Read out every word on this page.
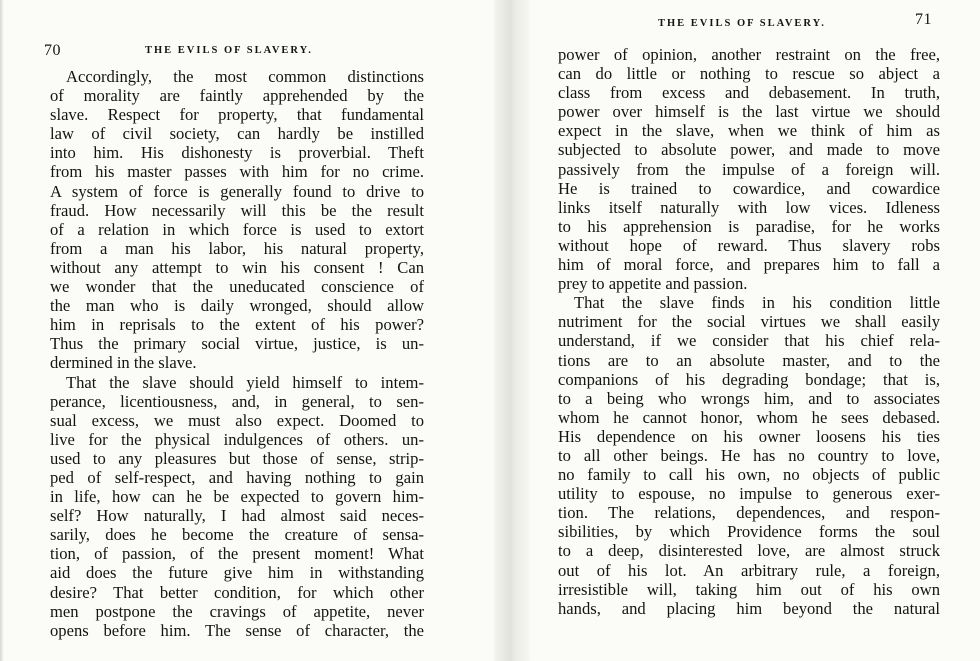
70	THE EVILS OF SLAVERY.
Accordingly, the most common distinctions
of morality are faintly apprehended by the
slave. Respect for property, that fundamental
law of civil society, can hardly be instilled
into him. His dishonesty is proverbial. Theft
from his master passes with him for no crime.
A system of force is generally found to drive to
fraud. How necessarily will this be the result
of a relation in which force is used to extort
from a man his labor, his natural property,
without any attempt to win his consent ! Can
we wonder that the uneducated conscience of
the man who is daily wronged, should allow
him in reprisals to the extent of his power?
Thus the primary social virtue, justice, is un-
dermined in the slave.
That the slave should yield himself to intem-
perance, licentiousness, and, in general, to sen-
sual excess, we must also expect. Doomed to
live for the physical indulgences of others. un-
used to any pleasures but those of sense, strip-
ped of self-respect, and having nothing to gain
in life, how can he be expected to govern him-
self? How naturally, I had almost said neces-
sarily, does he become the creature of sensa-
tion, of passion, of the present moment! What
aid does the future give him in withstanding
desire? That better condition, for which other
men postpone the cravings of appetite, never
opens before him. The sense of character, the
THE EVILS OF SLAVERY.	71
power of opinion, another restraint on the free,
can do little or nothing to rescue so abject a
class from excess and debasement. In truth,
power over himself is the last virtue we should
expect in the slave, when we think of him as
subjected to absolute power, and made to move
passively from the impulse of a foreign will.
He is trained to cowardice, and cowardice
links itself naturally with low vices. Idleness
to his apprehension is paradise, for he works
without hope of reward. Thus slavery robs
him of moral force, and prepares him to fall a
prey to appetite and passion.
That the slave finds in his condition little
nutriment for the social virtues we shall easily
understand, if we consider that his chief rela-
tions are to an absolute master, and to the
companions of his degrading bondage; that is,
to a being who wrongs him, and to associates
whom he cannot honor, whom he sees debased.
His dependence on his owner loosens his ties
to all other beings. He has no country to love,
no family to call his own, no objects of public
utility to espouse, no impulse to generous exer-
tion. The relations, dependences, and respon-
sibilities, by which Providence forms the soul
to a deep, disinterested love, are almost struck
out of his lot. An arbitrary rule, a foreign,
irresistible will, taking him out of his own
hands, and placing him beyond the natural
